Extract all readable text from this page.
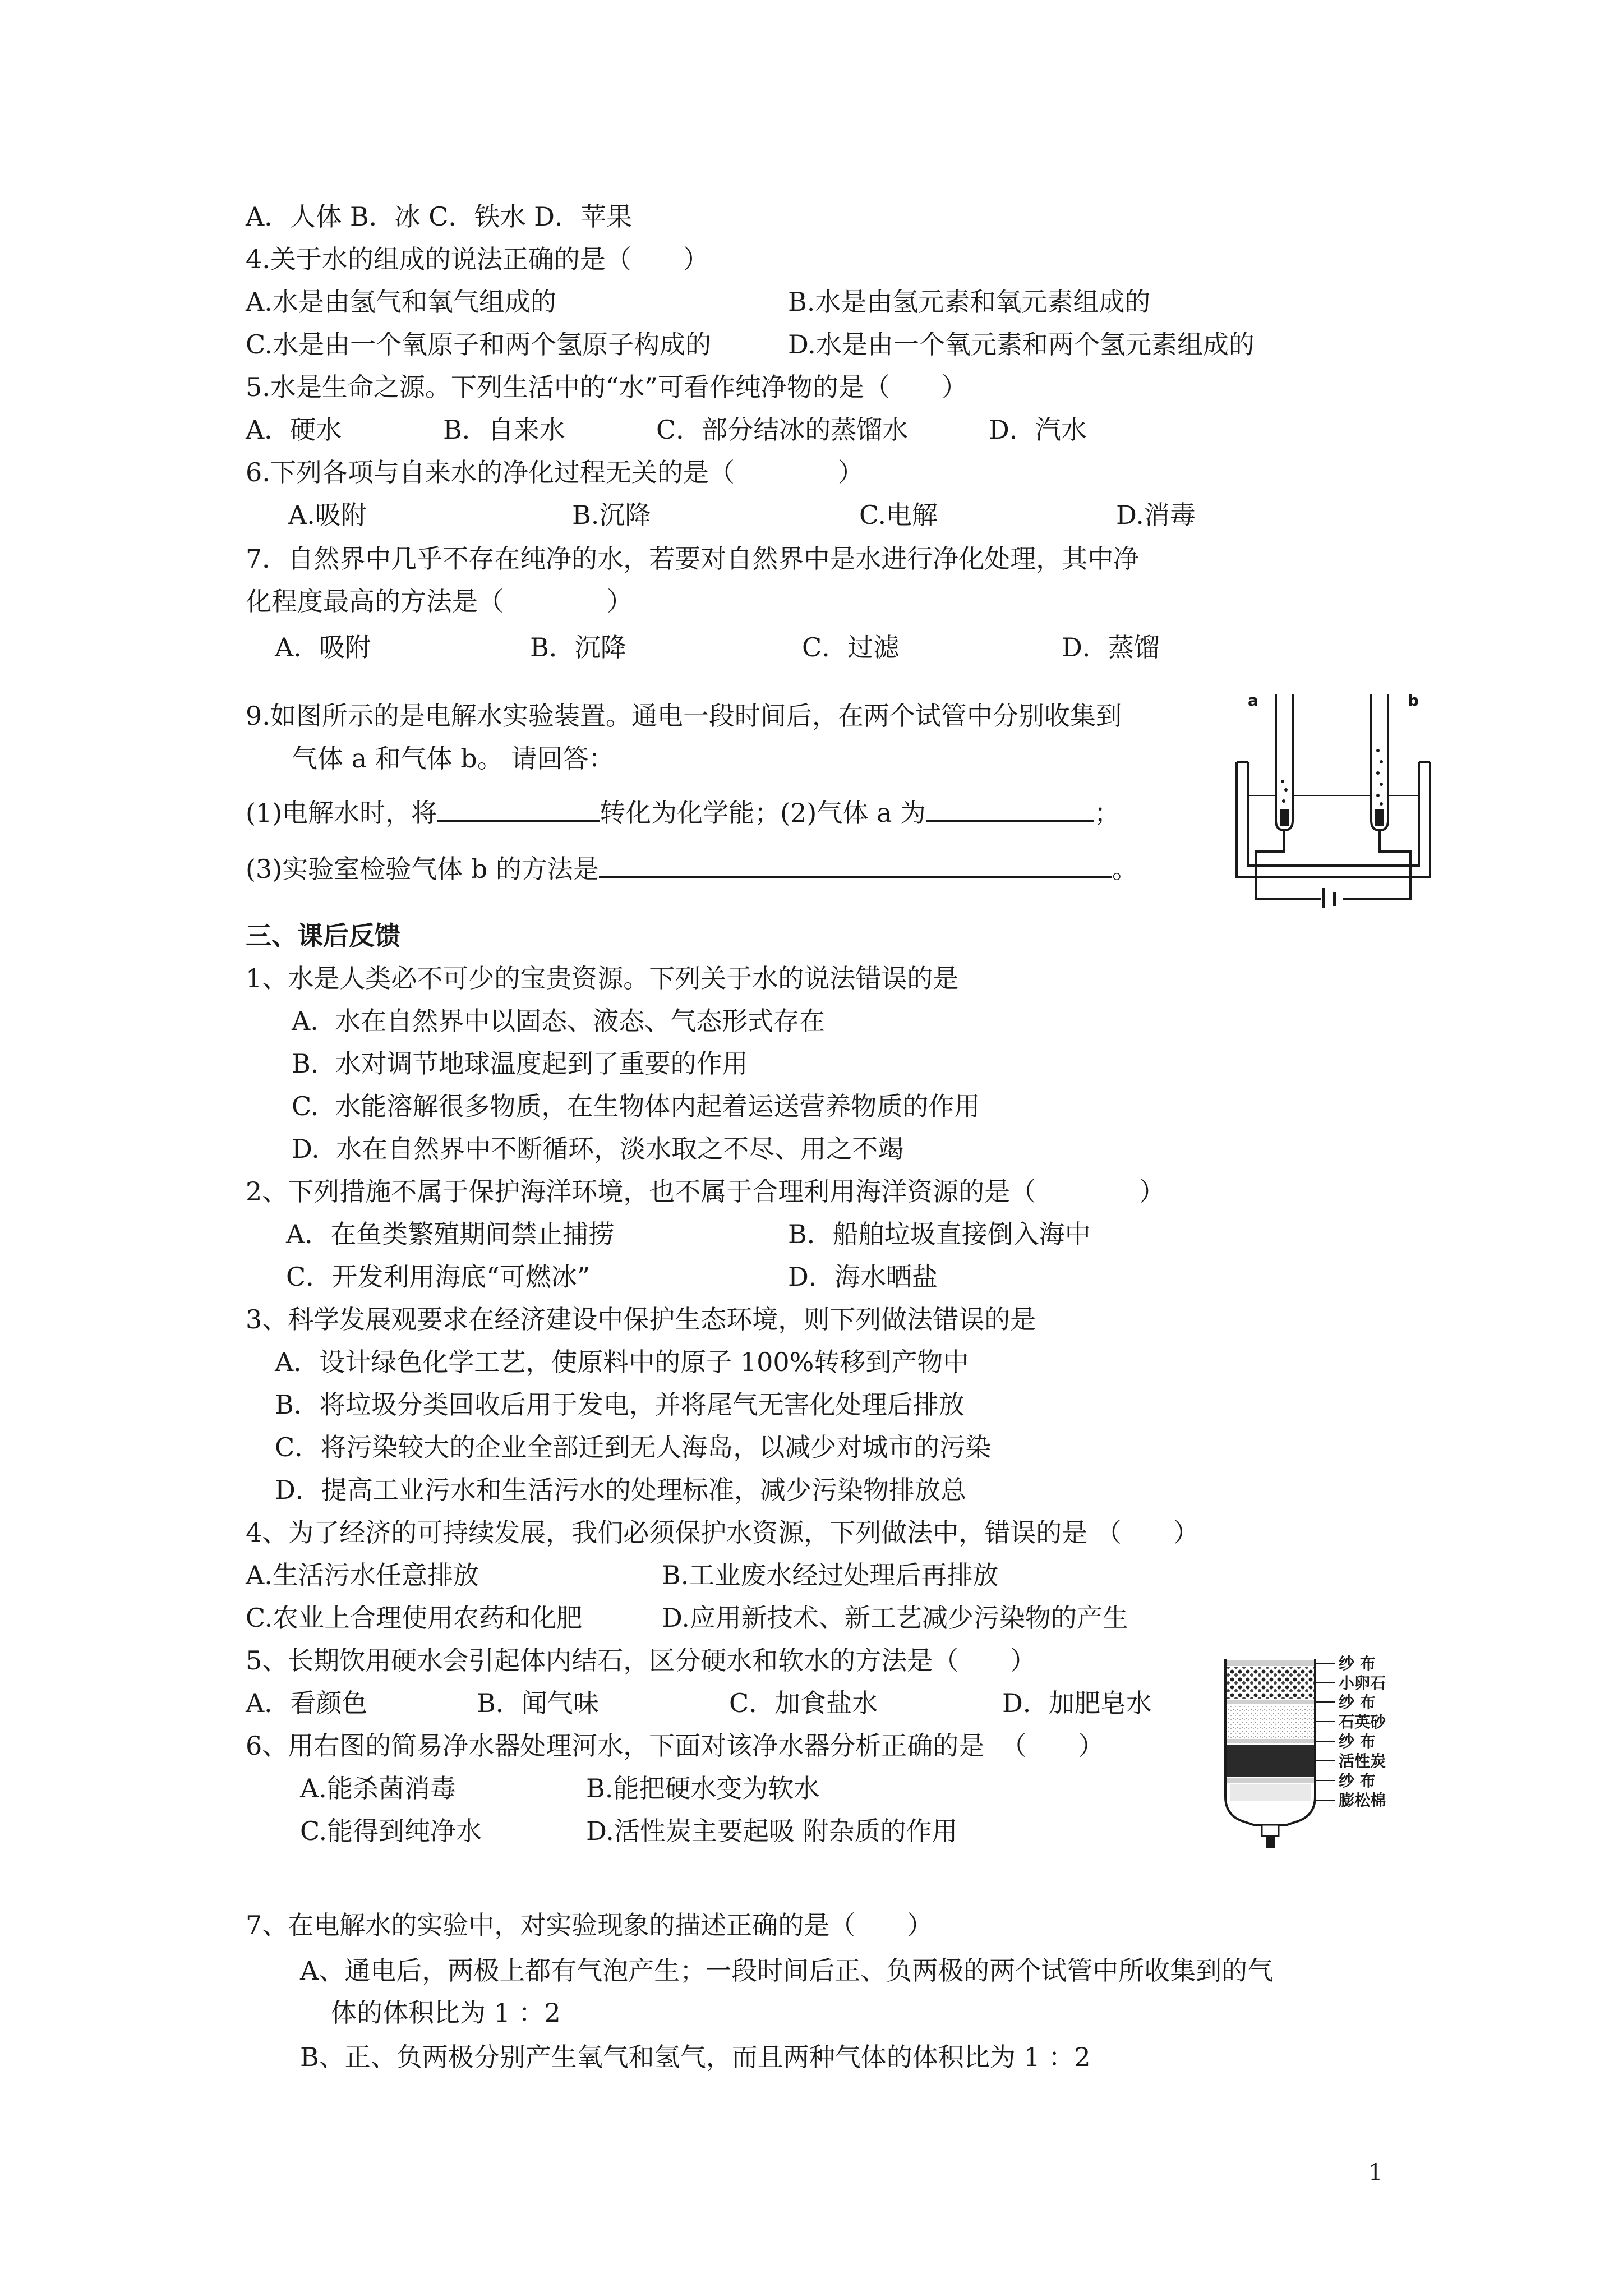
A．人体 B．冰 C．铁水 D．苹果
4.关于水的组成的说法正确的是（　　）
A.水是由氢气和氧气组成的	B.水是由氢元素和氧元素组成的
C.水是由一个氧原子和两个氢原子构成的	D.水是由一个氧元素和两个氢元素组成的
5.水是生命之源。下列生活中的“水”可看作纯净物的是（　　）
A．硬水	B．自来水	C．部分结冰的蒸馏水	D．汽水
6.下列各项与自来水的净化过程无关的是（　　　　）
A.吸附	B.沉降	C.电解	D.消毒
7．自然界中几乎不存在纯净的水，若要对自然界中是水进行净化处理，其中净
化程度最高的方法是（　　　　）
A．吸附	B．沉降	C．过滤	D．蒸馏
9.如图所示的是电解水实验装置。通电一段时间后，在两个试管中分别收集到
气体 a 和气体 b。 请回答：
(1)电解水时，将	转化为化学能；(2)气体 a 为	；
(3)实验室检验气体 b 的方法是	。
a	b
三、课后反馈
1、水是人类必不可少的宝贵资源。下列关于水的说法错误的是
A.  水在自然界中以固态、液态、气态形式存在
B.  水对调节地球温度起到了重要的作用
C.  水能溶解很多物质，在生物体内起着运送营养物质的作用
D.  水在自然界中不断循环，淡水取之不尽、用之不竭
2、下列措施不属于保护海洋环境，也不属于合理利用海洋资源的是（　　　　）
A．在鱼类繁殖期间禁止捕捞	B．船舶垃圾直接倒入海中
C．开发利用海底“可燃冰”	D．海水晒盐
3、科学发展观要求在经济建设中保护生态环境，则下列做法错误的是
A．设计绿色化学工艺，使原料中的原子 100%转移到产物中
B．将垃圾分类回收后用于发电，并将尾气无害化处理后排放
C．将污染较大的企业全部迁到无人海岛，以减少对城市的污染
D．提高工业污水和生活污水的处理标准，减少污染物排放总
4、为了经济的可持续发展，我们必须保护水资源，下列做法中，错误的是 （　　）
A.生活污水任意排放	B.工业废水经过处理后再排放
C.农业上合理使用农药和化肥	D.应用新技术、新工艺减少污染物的产生
5、长期饮用硬水会引起体内结石，区分硬水和软水的方法是（　　）
A．看颜色	B．闻气味	C．加食盐水	D．加肥皂水
6、用右图的简易净水器处理河水，下面对该净水器分析正确的是  （　　）
A.能杀菌消毒	B.能把硬水变为软水
C.能得到纯净水	D.活性炭主要起吸 附杂质的作用
纱 布
小卵石
纱 布
石英砂
纱 布
活性炭
纱 布
膨松棉
7、在电解水的实验中，对实验现象的描述正确的是（　　）
A、通电后，两极上都有气泡产生；一段时间后正、负两极的两个试管中所收集到的气
体的体积比为 1 ：2
B、正、负两极分别产生氧气和氢气，而且两种气体的体积比为 1 ：2
1
